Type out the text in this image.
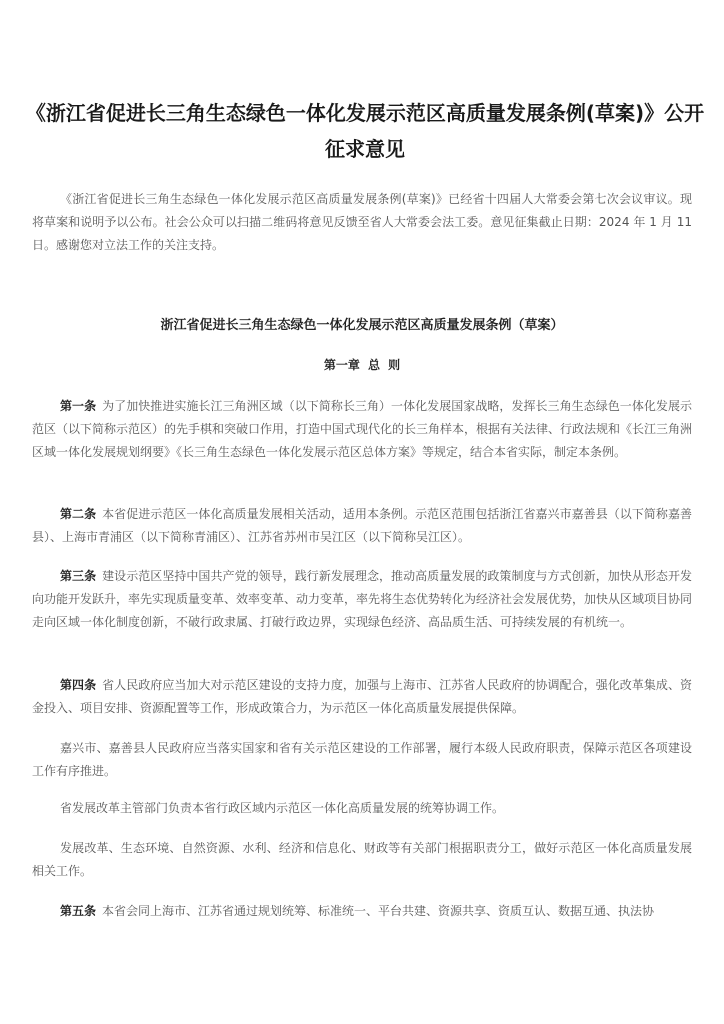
《浙江省促进长三角生态绿色一体化发展示范区高质量发展条例(草案)》公开征求意见

《浙江省促进长三角生态绿色一体化发展示范区高质量发展条例(草案)》已经省十四届人大常委会第七次会议审议。现将草案和说明予以公布。社会公众可以扫描二维码将意见反馈至省人大常委会法工委。意见征集截止日期：2024 年 1 月 11 日。感谢您对立法工作的关注支持。

浙江省促进长三角生态绿色一体化发展示范区高质量发展条例（草案）
第一章 总 则

第一条 为了加快推进实施长江三角洲区域（以下简称长三角）一体化发展国家战略，发挥长三角生态绿色一体化发展示范区（以下简称示范区）的先手棋和突破口作用，打造中国式现代化的长三角样本，根据有关法律、行政法规和《长江三角洲区域一体化发展规划纲要》《长三角生态绿色一体化发展示范区总体方案》等规定，结合本省实际，制定本条例。

第二条 本省促进示范区一体化高质量发展相关活动，适用本条例。示范区范围包括浙江省嘉兴市嘉善县（以下简称嘉善县）、上海市青浦区（以下简称青浦区）、江苏省苏州市吴江区（以下简称吴江区）。

第三条 建设示范区坚持中国共产党的领导，践行新发展理念，推动高质量发展的政策制度与方式创新，加快从形态开发向功能开发跃升，率先实现质量变革、效率变革、动力变革，率先将生态优势转化为经济社会发展优势，加快从区域项目协同走向区域一体化制度创新，不破行政隶属、打破行政边界，实现绿色经济、高品质生活、可持续发展的有机统一。

第四条 省人民政府应当加大对示范区建设的支持力度，加强与上海市、江苏省人民政府的协调配合，强化改革集成、资金投入、项目安排、资源配置等工作，形成政策合力，为示范区一体化高质量发展提供保障。

嘉兴市、嘉善县人民政府应当落实国家和省有关示范区建设的工作部署，履行本级人民政府职责，保障示范区各项建设工作有序推进。

省发展改革主管部门负责本省行政区域内示范区一体化高质量发展的统筹协调工作。

发展改革、生态环境、自然资源、水利、经济和信息化、财政等有关部门根据职责分工，做好示范区一体化高质量发展相关工作。

第五条 本省会同上海市、江苏省通过规划统筹、标准统一、平台共建、资源共享、资质互认、数据互通、执法协
